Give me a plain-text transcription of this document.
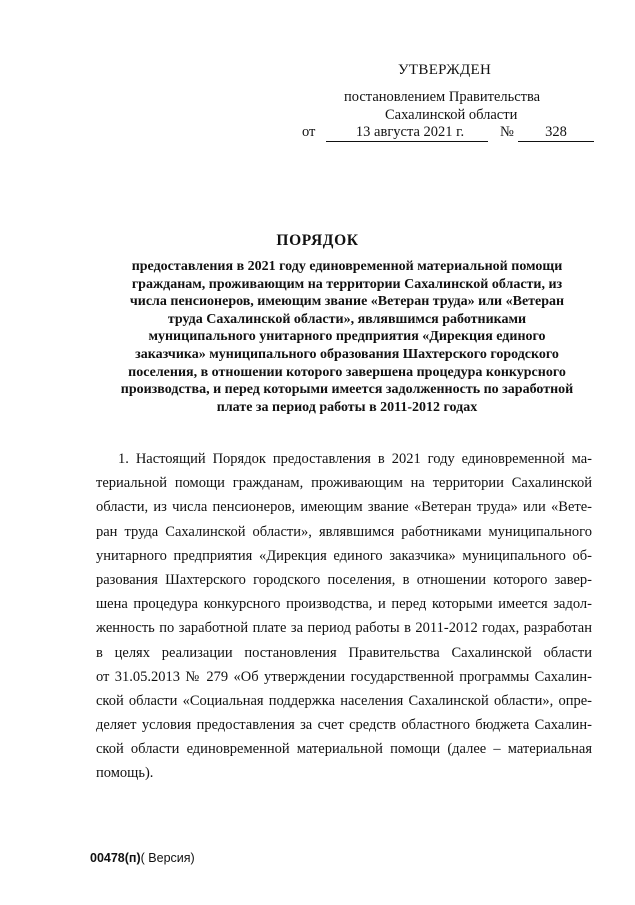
УТВЕРЖДЕН
постановлением Правительства
Сахалинской области
от	13 августа 2021 г.	№	328
ПОРЯДОК
предоставления в 2021 году единовременной материальной помощи
гражданам, проживающим на территории Сахалинской области, из
числа пенсионеров, имеющим звание «Ветеран труда» или «Ветеран
труда Сахалинской области», являвшимся работниками
муниципального унитарного предприятия «Дирекция единого
заказчика» муниципального образования Шахтерского городского
поселения, в отношении которого завершена процедура конкурсного
производства, и перед которыми имеется задолженность по заработной
плате за период работы в 2011-2012 годах
1. Настоящий Порядок предоставления в 2021 году единовременной ма-
териальной помощи гражданам, проживающим на территории Сахалинской
области, из числа пенсионеров, имеющим звание «Ветеран труда» или «Вете-
ран труда Сахалинской области», являвшимся работниками муниципального
унитарного предприятия «Дирекция единого заказчика» муниципального об-
разования Шахтерского городского поселения, в отношении которого завер-
шена процедура конкурсного производства, и перед которыми имеется задол-
женность по заработной плате за период работы в 2011-2012 годах, разработан
в целях реализации постановления Правительства Сахалинской области
от 31.05.2013 № 279 «Об утверждении государственной программы Сахалин-
ской области «Социальная поддержка населения Сахалинской области», опре-
деляет условия предоставления за счет средств областного бюджета Сахалин-
ской области единовременной материальной помощи (далее – материальная
помощь).
00478(п)( Версия)
